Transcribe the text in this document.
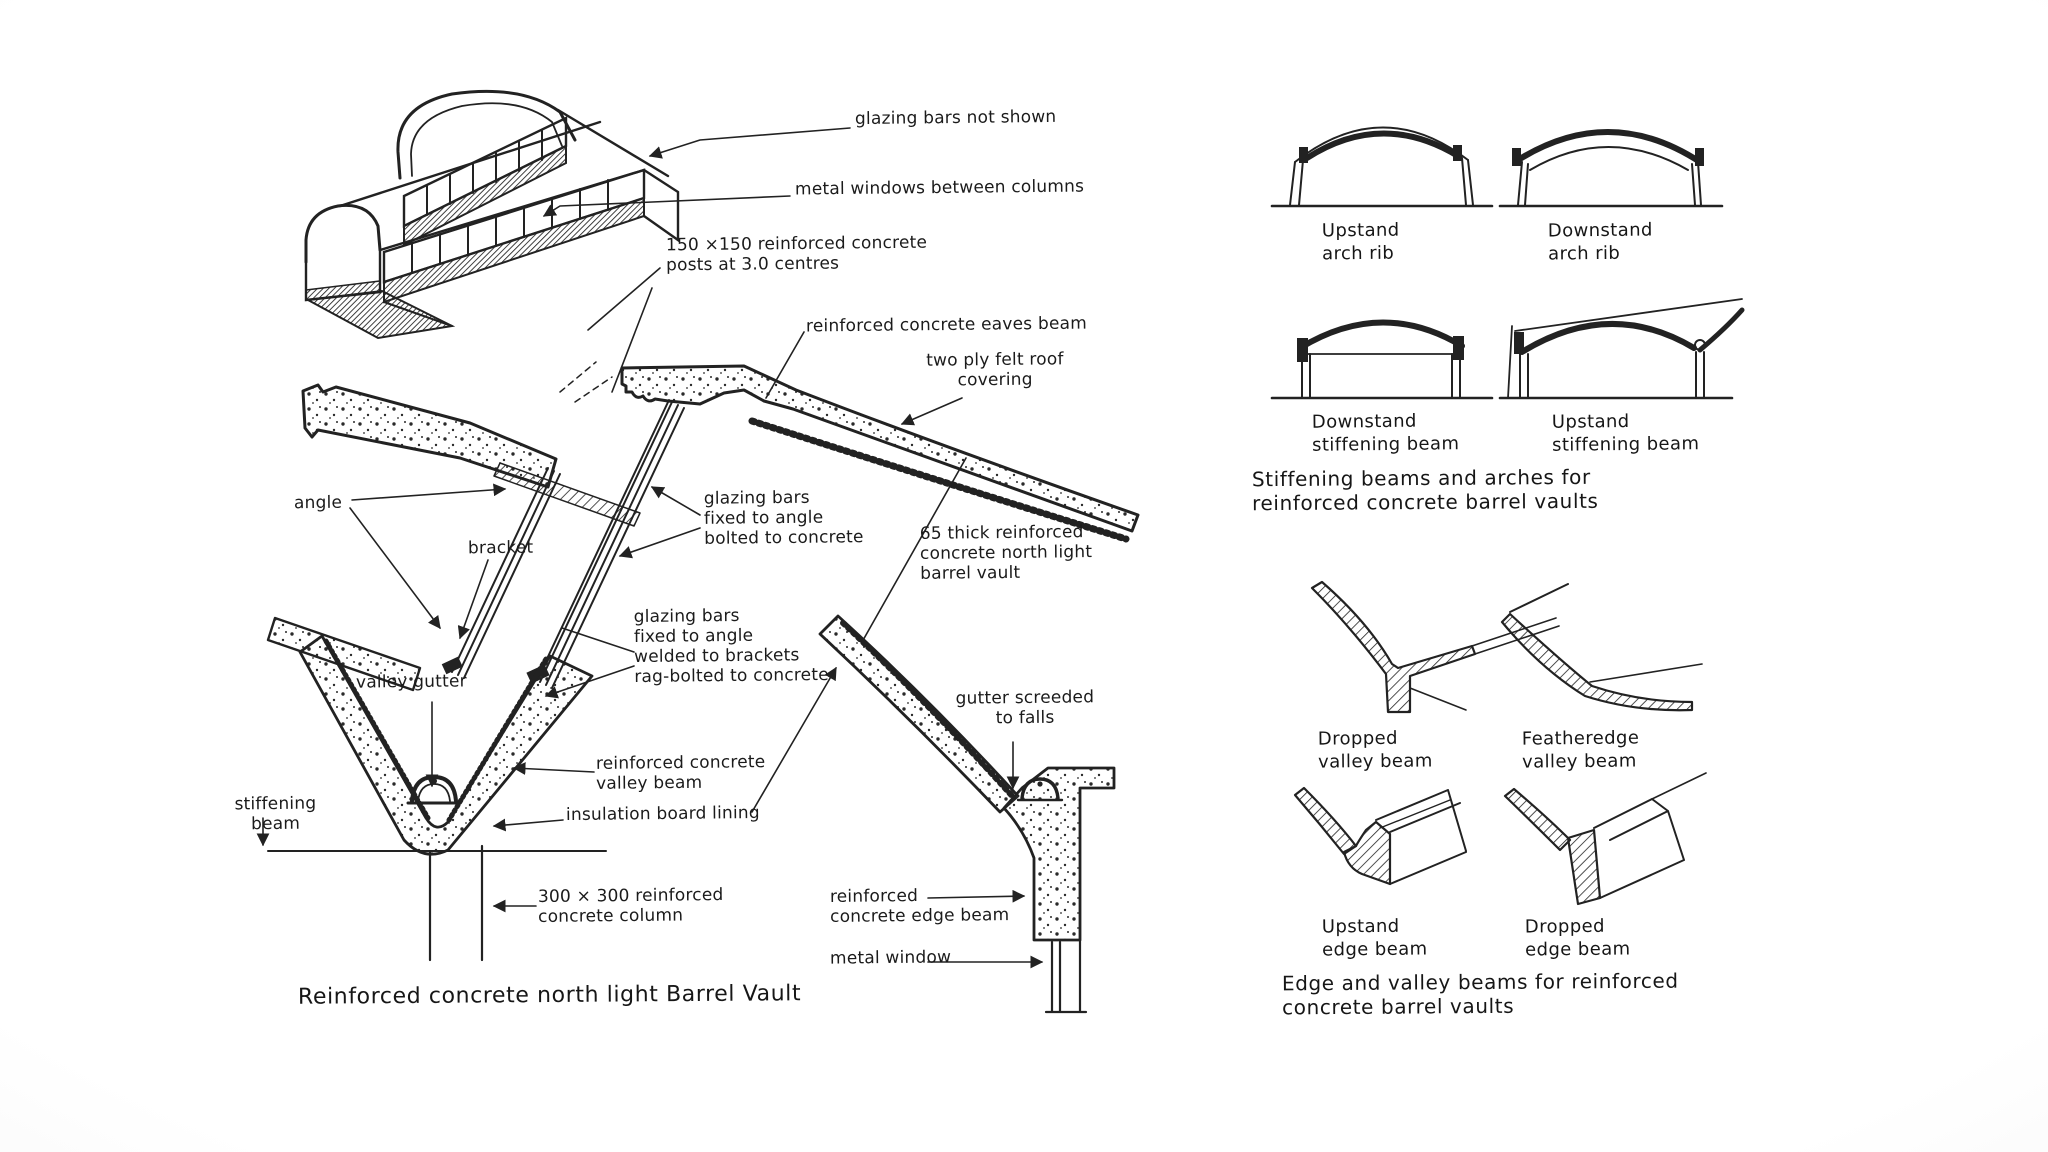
glazing bars not shown
metal windows between columns
150 ×150 reinforced concrete
posts at 3.0 centres
reinforced concrete eaves beam
two ply felt roof
covering
angle	glazing bars
fixed to angle
bolted to concrete	65 thick reinforced
concrete north light
barrel vault
bracket
glazing bars
fixed to angle
welded to brackets
rag-bolted to concrete
valley gutter
gutter screeded
to falls
stiffening
beam
reinforced concrete
valley beam
insulation board lining
300 × 300 reinforced
concrete column
reinforced
concrete edge beam
metal window
Reinforced concrete north light Barrel Vault
Upstand
arch rib
Downstand
arch rib
Downstand
stiffening beam
Upstand
stiffening beam
Stiffening beams and arches for
reinforced concrete barrel vaults
Dropped
valley beam
Featheredge
valley beam
Upstand
edge beam
Dropped
edge beam
Edge and valley beams for reinforced
concrete barrel vaults
